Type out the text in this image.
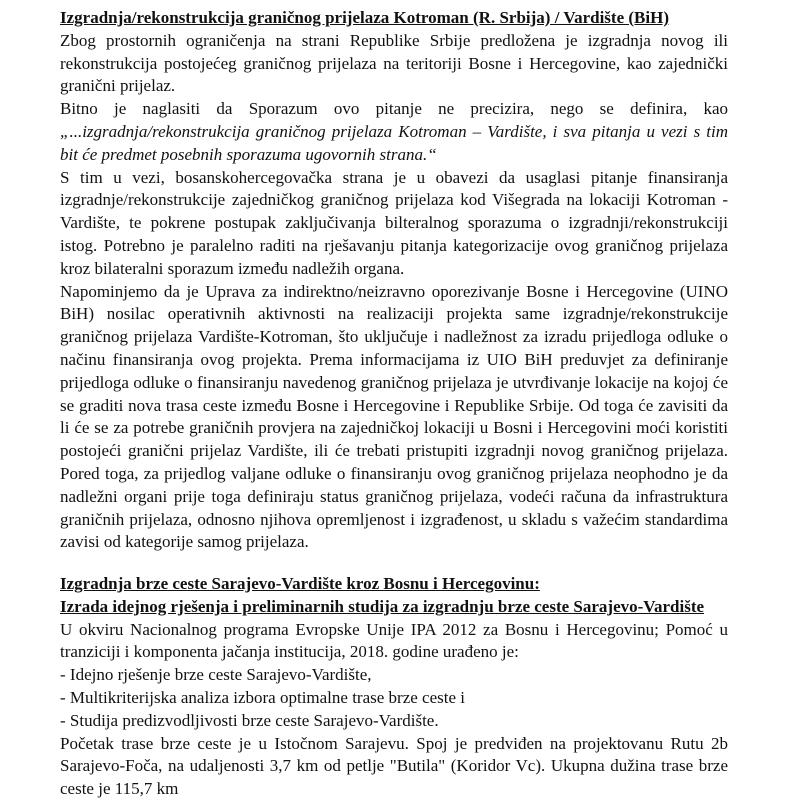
Izgradnja/rekonstrukcija graničnog prijelaza Kotroman (R. Srbija) / Vardište (BiH)

Zbog prostornih ograničenja na strani Republike Srbije predložena je izgradnja novog ili rekonstrukcija postojećeg graničnog prijelaza na teritoriji Bosne i Hercegovine, kao zajednički granični prijelaz.

Bitno je naglasiti da Sporazum ovo pitanje ne precizira, nego se definira, kao „...izgradnja/rekonstrukcija graničnog prijelaza Kotroman – Vardište, i sva pitanja u vezi s tim bit će predmet posebnih sporazuma ugovornih strana.“

S tim u vezi, bosanskohercegovačka strana je u obavezi da usaglasi pitanje finansiranja izgradnje/rekonstrukcije zajedničkog graničnog prijelaza kod Višegrada na lokaciji Kotroman - Vardište, te pokrene postupak zaključivanja bilteralnog sporazuma o izgradnji/rekonstrukciji istog. Potrebno je paralelno raditi na rješavanju pitanja kategorizacije ovog graničnog prijelaza kroz bilateralni sporazum između nadležih organa.

Napominjemo da je Uprava za indirektno/neizravno oporezivanje Bosne i Hercegovine (UINO BiH) nosilac operativnih aktivnosti na realizaciji projekta same izgradnje/rekonstrukcije graničnog prijelaza Vardište-Kotroman, što uključuje i nadležnost za izradu prijedloga odluke o načinu finansiranja ovog projekta. Prema informacijama iz UIO BiH preduvjet za definiranje prijedloga odluke o finansiranju navedenog graničnog prijelaza je utvrđivanje lokacije na kojoj će se graditi nova trasa ceste između Bosne i Hercegovine i Republike Srbije. Od toga će zavisiti da li će se za potrebe graničnih provjera na zajedničkoj lokaciji u Bosni i Hercegovini moći koristiti postojeći granični prijelaz Vardište, ili će trebati pristupiti izgradnji novog graničnog prijelaza. Pored toga, za prijedlog valjane odluke o finansiranju ovog graničnog prijelaza neophodno je da nadležni organi prije toga definiraju status graničnog prijelaza, vodeći računa da infrastruktura graničnih prijelaza, odnosno njihova opremljenost i izgrađenost, u skladu s važećim standardima zavisi od kategorije samog prijelaza.

Izgradnja brze ceste Sarajevo-Vardište kroz Bosnu i Hercegovinu:
Izrada idejnog rješenja i preliminarnih studija za izgradnju brze ceste Sarajevo-Vardište

U okviru Nacionalnog programa Evropske Unije IPA 2012 za Bosnu i Hercegovinu; Pomoć u tranziciji i komponenta jačanja institucija, 2018. godine urađeno je:

- Idejno rješenje brze ceste Sarajevo-Vardište,
- Multikriterijska analiza izbora optimalne trase brze ceste i
- Studija predizvodljivosti brze ceste Sarajevo-Vardište.

Početak trase brze ceste je u Istočnom Sarajevu. Spoj je predviđen na projektovanu Rutu 2b Sarajevo-Foča, na udaljenosti 3,7 km od petlje "Butila" (Koridor Vc). Ukupna dužina trase brze ceste je 115,7 km
